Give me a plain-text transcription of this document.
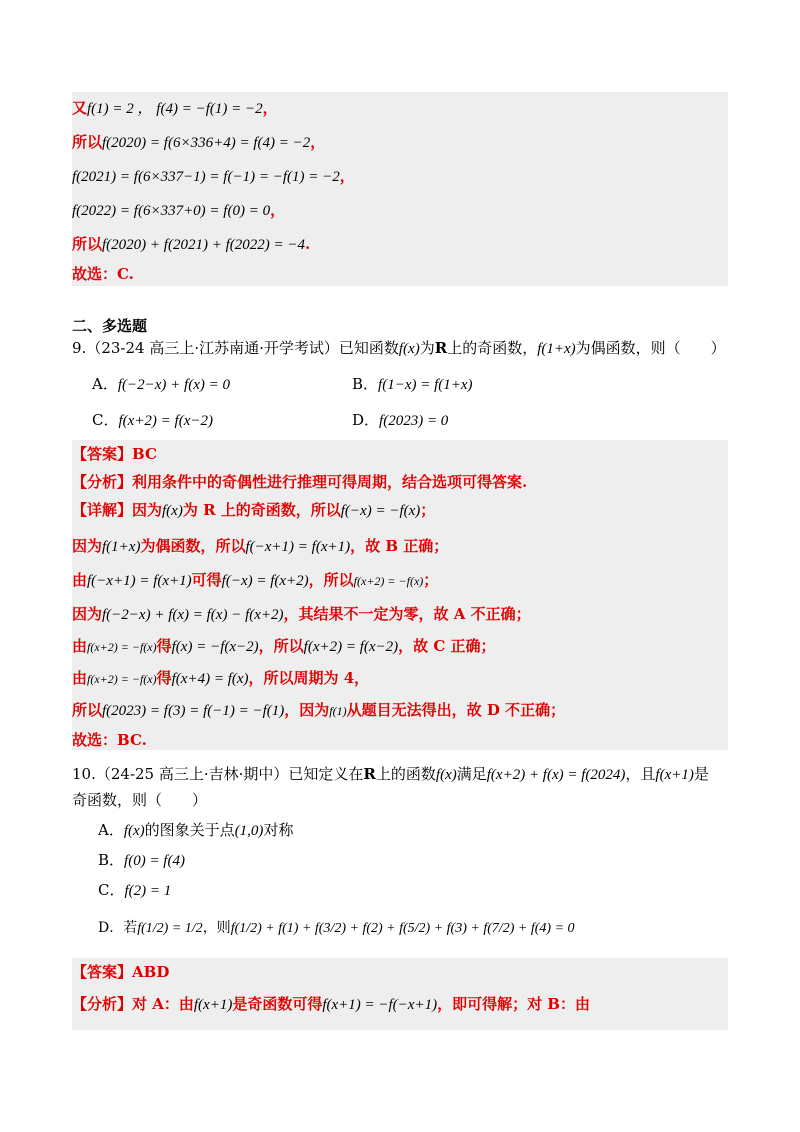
又f(1) = 2 ， f(4) = −f(1) = −2，
所以f(2020) = f(6×336+4) = f(4) = −2，
f(2021) = f(6×337−1) = f(−1) = −f(1) = −2，
f(2022) = f(6×337+0) = f(0) = 0，
所以f(2020) + f(2021) + f(2022) = −4.
故选：C.
二、多选题
9.（23-24 高三上·江苏南通·开学考试）已知函数f(x)为R上的奇函数，f(1+x)为偶函数，则（　　）
A．f(−2−x) + f(x) = 0	B．f(1−x) = f(1+x)
C．f(x+2) = f(x−2)	D．f(2023) = 0
【答案】BC
【分析】利用条件中的奇偶性进行推理可得周期，结合选项可得答案.
【详解】因为f(x)为 R 上的奇函数，所以f(−x) = −f(x)；
因为f(1+x)为偶函数，所以f(−x+1) = f(x+1)，故 B 正确；
由f(−x+1) = f(x+1)可得f(−x) = f(x+2)，所以f(x+2) = −f(x)；
因为f(−2−x) + f(x) = f(x) − f(x+2)，其结果不一定为零，故 A 不正确；
由f(x+2) = −f(x)得f(x) = −f(x−2)，所以f(x+2) = f(x−2)，故 C 正确；
由f(x+2) = −f(x)得f(x+4) = f(x)，所以周期为 4，
所以f(2023) = f(3) = f(−1) = −f(1)，因为f(1)从题目无法得出，故 D 不正确；
故选：BC.
10.（24-25 高三上·吉林·期中）已知定义在R上的函数f(x)满足f(x+2) + f(x) = f(2024)，且f(x+1)是
奇函数，则（　　）
A．f(x)的图象关于点(1,0)对称
B．f(0) = f(4)
C．f(2) = 1
D．若f(1/2) = 1/2，则f(1/2) + f(1) + f(3/2) + f(2) + f(5/2) + f(3) + f(7/2) + f(4) = 0
【答案】ABD
【分析】对 A：由f(x+1)是奇函数可得f(x+1) = −f(−x+1)，即可得解；对 B：由
